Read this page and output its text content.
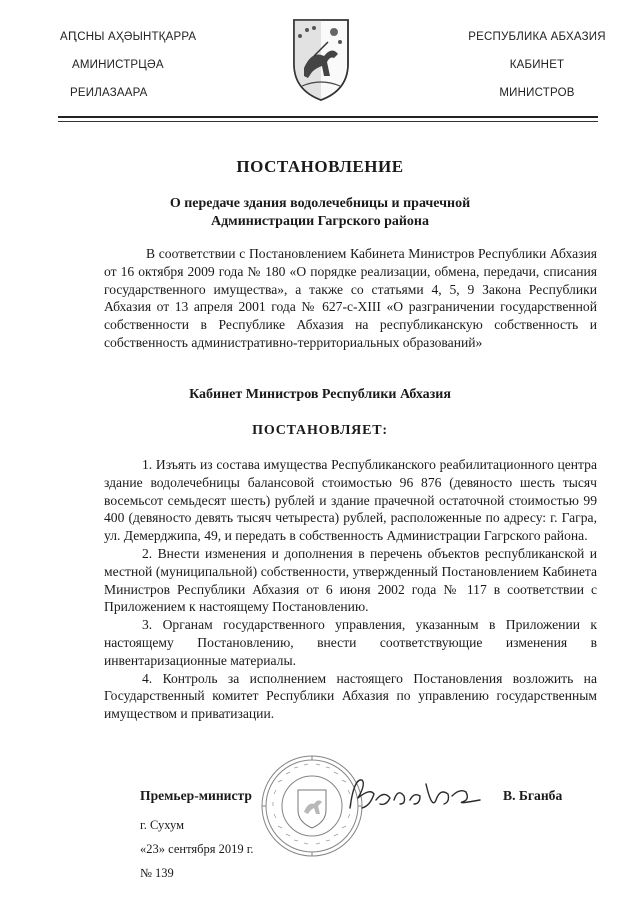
АԤСНЫ АҲӘЫНТҚАРРА
АМИНИСТРЦӘА
РЕИЛАЗААРА
РЕСПУБЛИКА АБХАЗИЯ
КАБИНЕТ
МИНИСТРОВ
ПОСТАНОВЛЕНИЕ
О передаче здания водолечебницы и прачечной
Администрации Гагрского района

В соответствии с Постановлением Кабинета Министров Республики Абхазия от 16 октября 2009 года № 180 «О порядке реализации, обмена, передачи, списания государственного имущества», а также со статьями 4, 5, 9 Закона Республики Абхазия от 13 апреля 2001 года № 627-с-XIII «О разграничении государственной собственности в Республике Абхазия на республиканскую собственность и собственность административно-территориальных образований»

Кабинет Министров Республики Абхазия
ПОСТАНОВЛЯЕТ:

1. Изъять из состава имущества Республиканского реабилитационного центра здание водолечебницы балансовой стоимостью 96 876 (девяносто шесть тысяч восемьсот семьдесят шесть) рублей и здание прачечной остаточной стоимостью 99 400 (девяносто девять тысяч четыреста) рублей, расположенные по адресу: г. Гагра, ул. Демерджипа, 49, и передать в собственность Администрации Гагрского района.

2. Внести изменения и дополнения в перечень объектов республиканской и местной (муниципальной) собственности, утвержденный Постановлением Кабинета Министров Республики Абхазия от 6 июня 2002 года № 117 в соответствии с Приложением к настоящему Постановлению.

3. Органам государственного управления, указанным в Приложении к настоящему Постановлению, внести соответствующие изменения в инвентаризационные материалы.

4. Контроль за исполнением настоящего Постановления возложить на Государственный комитет Республики Абхазия по управлению государственным имуществом и приватизации.

Премьер-министр	В. Бганба
г. Сухум
«23» сентября 2019 г.
№ 139
